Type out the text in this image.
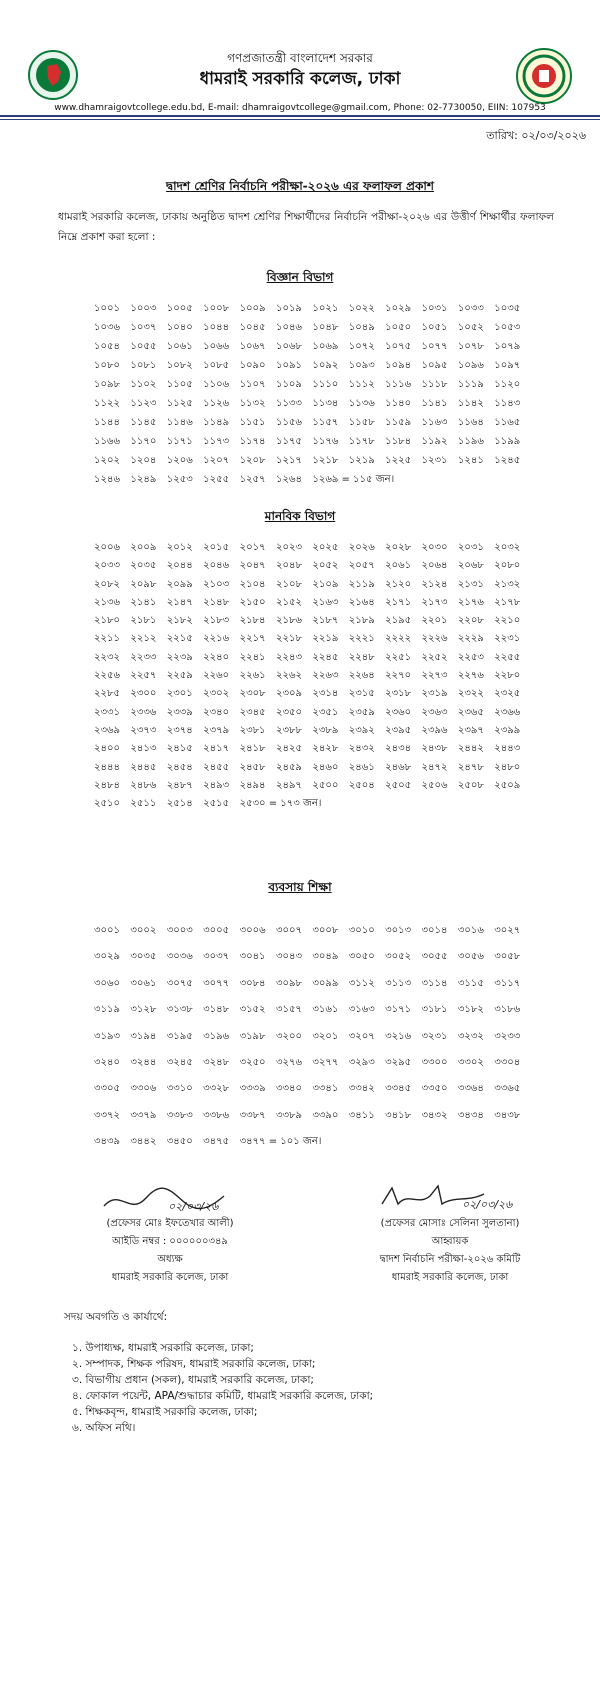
গণপ্রজাতন্ত্রী বাংলাদেশ সরকার
ধামরাই সরকারি কলেজ, ঢাকা
www.dhamraigovtcollege.edu.bd, E-mail: dhamraigovtcollege@gmail.com, Phone: 02-7730050, EIIN: 107953
তারিখ: ০২/০৩/২০২৬
দ্বাদশ শ্রেণির নির্বাচনি পরীক্ষা-২০২৬ এর ফলাফল প্রকাশ
ধামরাই সরকারি কলেজ, ঢাকায় অনুষ্ঠিত দ্বাদশ শ্রেণির শিক্ষার্থীদের নির্বাচনি পরীক্ষা-২০২৬ এর উত্তীর্ণ শিক্ষার্থীর ফলাফল নিম্নে প্রকাশ করা হলো :
বিজ্ঞান বিভাগ
১০০১	১০০৩	১০০৫	১০০৮	১০০৯	১০১৯	১০২১	১০২২	১০২৯	১০৩১	১০৩৩	১০৩৫
১০৩৬	১০৩৭	১০৪০	১০৪৪	১০৪৫	১০৪৬	১০৪৮	১০৪৯	১০৫০	১০৫১	১০৫২	১০৫৩
১০৫৪	১০৫৫	১০৬১	১০৬৬	১০৬৭	১০৬৮	১০৬৯	১০৭২	১০৭৫	১০৭৭	১০৭৮	১০৭৯
১০৮০	১০৮১	১০৮২	১০৮৫	১০৯০	১০৯১	১০৯২	১০৯৩	১০৯৪	১০৯৫	১০৯৬	১০৯৭
১০৯৮	১১০২	১১০৫	১১০৬	১১০৭	১১০৯	১১১০	১১১২	১১১৬	১১১৮	১১১৯	১১২০
১১২২	১১২৩	১১২৫	১১২৬	১১৩২	১১৩৩	১১৩৪	১১৩৬	১১৪০	১১৪১	১১৪২	১১৪৩
১১৪৪	১১৪৫	১১৪৬	১১৪৯	১১৫১	১১৫৬	১১৫৭	১১৫৮	১১৫৯	১১৬৩	১১৬৪	১১৬৫
১১৬৬	১১৭০	১১৭১	১১৭৩	১১৭৪	১১৭৫	১১৭৬	১১৭৮	১১৮৪	১১৯২	১১৯৬	১১৯৯
১২০২	১২০৪	১২০৬	১২০৭	১২০৮	১২১৭	১২১৮	১২১৯	১২২৫	১২৩১	১২৪১	১২৪৫
১২৪৬	১২৪৯	১২৫৩	১২৫৫	১২৫৭	১২৬৪	১২৬৯ = ১১৫ জন।
মানবিক বিভাগ
২০০৬	২০০৯	২০১২	২০১৫	২০১৭	২০২৩	২০২৫	২০২৬	২০২৮	২০৩০	২০৩১	২০৩২
২০৩৩	২০৩৫	২০৪৪	২০৪৬	২০৪৭	২০৪৮	২০৫২	২০৫৭	২০৬১	২০৬৪	২০৬৮	২০৮০
২০৮২	২০৯৮	২০৯৯	২১০৩	২১০৪	২১০৮	২১০৯	২১১৯	২১২০	২১২৪	২১৩১	২১৩২
২১৩৬	২১৪১	২১৪৭	২১৪৮	২১৫০	২১৫২	২১৬৩	২১৬৪	২১৭১	২১৭৩	২১৭৬	২১৭৮
২১৮০	২১৮১	২১৮২	২১৮৩	২১৮৪	২১৮৬	২১৮৭	২১৮৯	২১৯৫	২২০১	২২০৮	২২১০
২২১১	২২১২	২২১৫	২২১৬	২২১৭	২২১৮	২২১৯	২২২১	২২২২	২২২৬	২২২৯	২২৩১
২২৩২	২২৩৩	২২৩৯	২২৪০	২২৪১	২২৪৩	২২৪৫	২২৪৮	২২৫১	২২৫২	২২৫৩	২২৫৫
২২৫৬	২২৫৭	২২৫৯	২২৬০	২২৬১	২২৬২	২২৬৩	২২৬৪	২২৭০	২২৭৩	২২৭৬	২২৮০
২২৮৫	২৩০০	২৩০১	২৩০২	২৩০৮	২৩০৯	২৩১৪	২৩১৫	২৩১৮	২৩১৯	২৩২২	২৩২৫
২৩৩১	২৩৩৬	২৩৩৯	২৩৪০	২৩৪৫	২৩৫০	২৩৫১	২৩৫৯	২৩৬০	২৩৬৩	২৩৬৫	২৩৬৬
২৩৬৯	২৩৭৩	২৩৭৪	২৩৭৯	২৩৮১	২৩৮৮	২৩৮৯	২৩৯২	২৩৯৫	২৩৯৬	২৩৯৭	২৩৯৯
২৪০০	২৪১৩	২৪১৫	২৪১৭	২৪১৮	২৪২৫	২৪২৮	২৪৩২	২৪৩৪	২৪৩৮	২৪৪২	২৪৪৩
২৪৪৪	২৪৪৫	২৪৫৪	২৪৫৫	২৪৫৮	২৪৫৯	২৪৬০	২৪৬১	২৪৬৮	২৪৭২	২৪৭৮	২৪৮০
২৪৮৪	২৪৮৬	২৪৮৭	২৪৯৩	২৪৯৪	২৪৯৭	২৫০০	২৫০৪	২৫০৫	২৫০৬	২৫০৮	২৫০৯
২৫১০	২৫১১	২৫১৪	২৫১৫	২৫৩০ = ১৭৩ জন।
ব্যবসায় শিক্ষা
৩০০১	৩০০২	৩০০৩	৩০০৫	৩০০৬	৩০০৭	৩০০৮	৩০১০	৩০১৩	৩০১৪	৩০১৬	৩০২৭
৩০২৯	৩০৩৫	৩০৩৬	৩০৩৭	৩০৪১	৩০৪৩	৩০৪৯	৩০৫০	৩০৫২	৩০৫৫	৩০৫৬	৩০৫৮
৩০৬০	৩০৬১	৩০৭৫	৩০৭৭	৩০৮৪	৩০৯৮	৩০৯৯	৩১১২	৩১১৩	৩১১৪	৩১১৫	৩১১৭
৩১১৯	৩১২৮	৩১৩৮	৩১৪৮	৩১৫২	৩১৫৭	৩১৬১	৩১৬৩	৩১৭১	৩১৮১	৩১৮২	৩১৮৬
৩১৯৩	৩১৯৪	৩১৯৫	৩১৯৬	৩১৯৮	৩২০০	৩২০১	৩২০৭	৩২১৬	৩২৩১	৩২৩২	৩২৩৩
৩২৪০	৩২৪৪	৩২৪৫	৩২৪৮	৩২৫০	৩২৭৬	৩২৭৭	৩২৯৩	৩২৯৫	৩৩০০	৩৩০২	৩৩০৪
৩৩০৫	৩৩০৬	৩৩১০	৩৩২৮	৩৩৩৯	৩৩৪০	৩৩৪১	৩৩৪২	৩৩৪৫	৩৩৫০	৩৩৬৪	৩৩৬৫
৩৩৭২	৩৩৭৯	৩৩৮৩	৩৩৮৬	৩৩৮৭	৩৩৮৯	৩৩৯০	৩৪১১	৩৪১৮	৩৪৩২	৩৪৩৪	৩৪৩৮
৩৪৩৯	৩৪৪২	৩৪৫০	৩৪৭৫	৩৪৭৭ = ১০১ জন।
০২/০৩/২৬
(প্রফেসর মোঃ ইফতেখার আলী)
আইডি নম্বর : ০০০০০০৩৪৯
অধ্যক্ষ
ধামরাই সরকারি কলেজ, ঢাকা
০২/০৩/২৬
(প্রফেসর মোসাঃ সেলিনা সুলতানা)
আহ্বায়ক
দ্বাদশ নির্বাচনি পরীক্ষা-২০২৬ কমিটি
ধামরাই সরকারি কলেজ, ঢাকা
সদয় অবগতি ও কার্যার্থে:
১. উপাধ্যক্ষ, ধামরাই সরকারি কলেজ, ঢাকা;
২. সম্পাদক, শিক্ষক পরিষদ, ধামরাই সরকারি কলেজ, ঢাকা;
৩. বিভাগীয় প্রধান (সকল), ধামরাই সরকারি কলেজ, ঢাকা;
৪. ফোকাল পয়েন্ট, APA/শুদ্ধাচার কমিটি, ধামরাই সরকারি কলেজ, ঢাকা;
৫. শিক্ষকবৃন্দ, ধামরাই সরকারি কলেজ, ঢাকা;
৬. অফিস নথি।
